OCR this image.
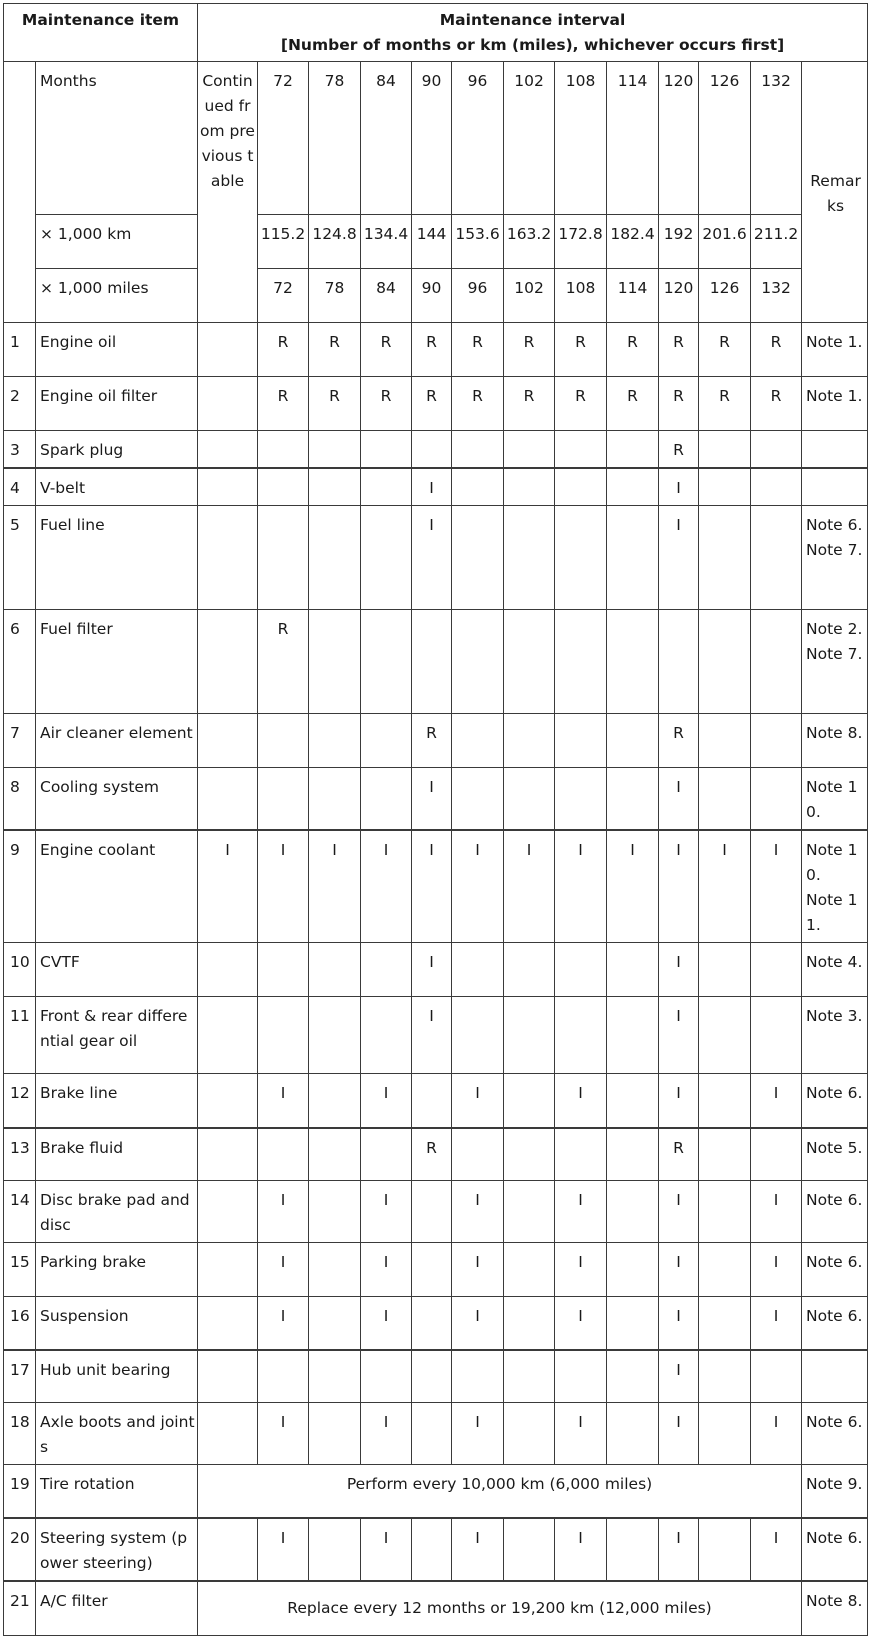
Maintenance item		Maintenance interval
[Number of months or km (miles), whichever occurs first]												

	Months	Continued from previous table	72	78	84	90	96	102	108	114	120	126	132	Remarks
	× 1,000 km		115.2	124.8	134.4	144	153.6	163.2	172.8	182.4	192	201.6	211.2	
	× 1,000 miles		72	78	84	90	96	102	108	114	120	126	132	
1	Engine oil		R	R	R	R	R	R	R	R	R	R	R	Note 1.

2	Engine oil filter		R	R	R	R	R	R	R	R	R	R	R	Note 1.

3	Spark plug										R			
4	V-belt					I					I			
5	Fuel line					I					I			Note 6.
Note 7.

6	Fuel filter		R											Note 2.
Note 7.

7	Air cleaner element					R					R			Note 8.

8	Cooling system					I					I			Note 10.

9	Engine coolant	I	I	I	I	I	I	I	I	I	I	I	I	Note 10.
Note 11.

10	CVTF					I					I			Note 4.

11	Front & rear differential gear oil					I					I			Note 3.

12	Brake line		I		I		I		I		I		I	Note 6.

13	Brake fluid					R					R			Note 5.

14	Disc brake pad and disc		I		I		I		I		I		I	Note 6.

15	Parking brake		I		I		I		I		I		I	Note 6.

16	Suspension		I		I		I		I		I		I	Note 6.

17	Hub unit bearing										I			
18	Axle boots and joints		I		I		I		I		I		I	Note 6.

19	Tire rotation	Perform every 10,000 km (6,000 miles)												Note 9.

20	Steering system (power steering)		I		I		I		I		I		I	Note 6.

21	A/C filter	Replace every 12 months or 19,200 km (12,000 miles)												Note 8.
